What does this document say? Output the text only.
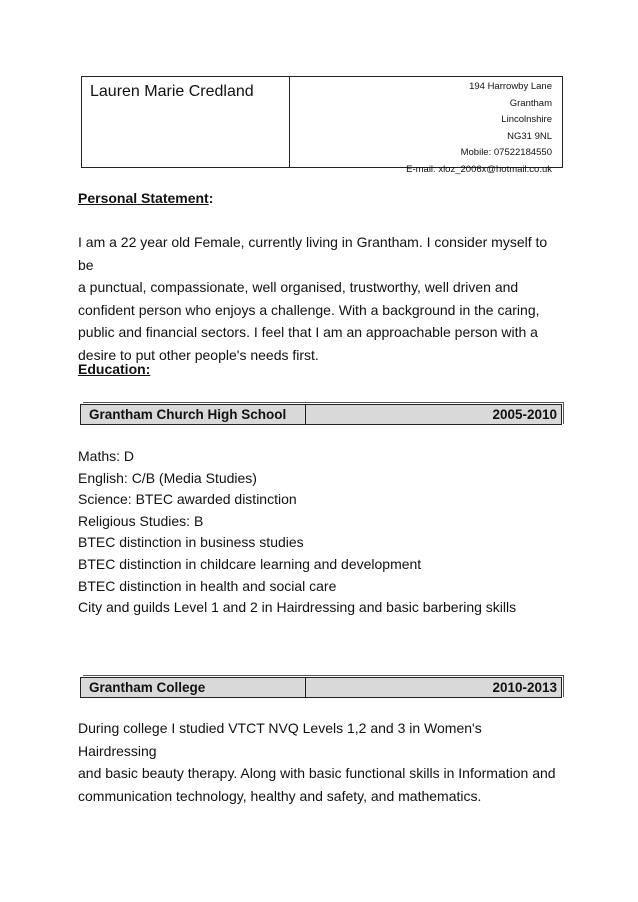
Lauren Marie Credland	194 Harrowby Lane
Grantham
Lincolnshire
NG31 9NL
Mobile: 07522184550
E-mail: xloz_2006x@hotmail.co.uk
Personal Statement:
I am a 22 year old Female, currently living in Grantham. I consider myself to be
a punctual, compassionate, well organised, trustworthy, well driven and
confident person who enjoys a challenge. With a background in the caring,
public and financial sectors. I feel that I am an approachable person with a
desire to put other people's needs first.
Education:
Grantham Church High School	2005-2010
Maths: D
English: C/B (Media Studies)
Science: BTEC awarded distinction
Religious Studies: B
BTEC distinction in business studies
BTEC distinction in childcare learning and development
BTEC distinction in health and social care
City and guilds Level 1 and 2 in Hairdressing and basic barbering skills
Grantham College	2010-2013
During college I studied VTCT NVQ Levels 1,2 and 3 in Women's Hairdressing
and basic beauty therapy. Along with basic functional skills in Information and
communication technology, healthy and safety, and mathematics.
